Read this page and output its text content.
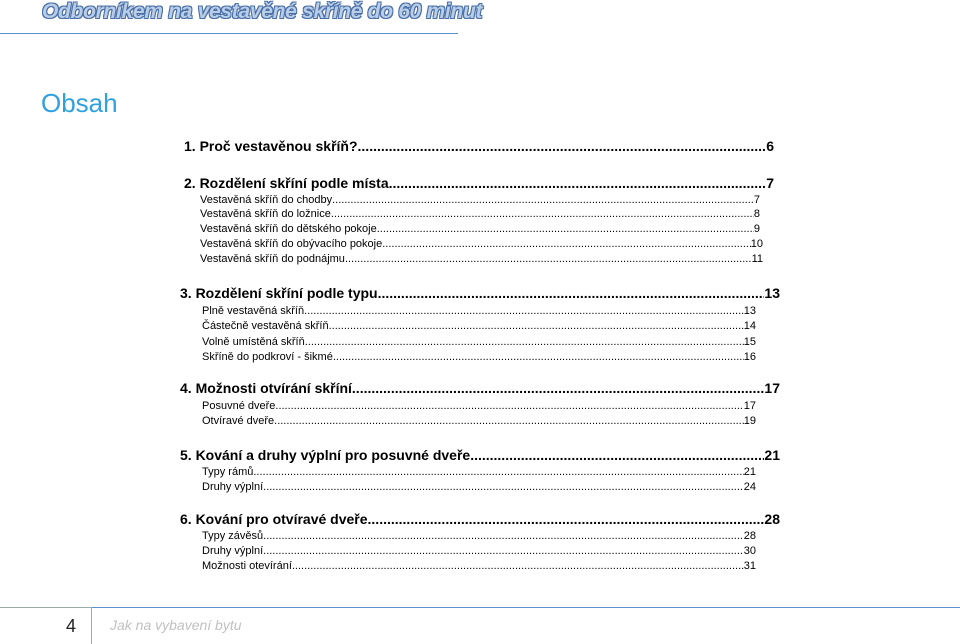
Odborníkem na vestavěné skříně do 60 minut
Obsah
1. Proč vestavěnou skříň? .....	6
2. Rozdělení skříní podle místa .....	7
Vestavěná skříň do chodby .....	7
Vestavěná skříň do ložnice .....	8
Vestavěná skříň do dětského pokoje .....	9
Vestavěná skříň do obývacího pokoje .....	10
Vestavěná skříň do podnájmu .....	11
3. Rozdělení skříní podle typu .....	13
Plně vestavěná skříň .....	13
Částečně vestavěná skříň .....	14
Volně umístěná skříň .....	15
Skříně do podkroví - šikmé .....	16
4. Možnosti otvírání skříní .....	17
Posuvné dveře .....	17
Otvíravé dveře .....	19
5. Kování a druhy výplní pro posuvné dveře .....	21
Typy rámů .....	21
Druhy výplní .....	24
6. Kování pro otvíravé dveře .....	28
Typy závěsů .....	28
Druhy výplní .....	30
Možnosti otevírání .....	31
4 Jak na vybavení bytu
